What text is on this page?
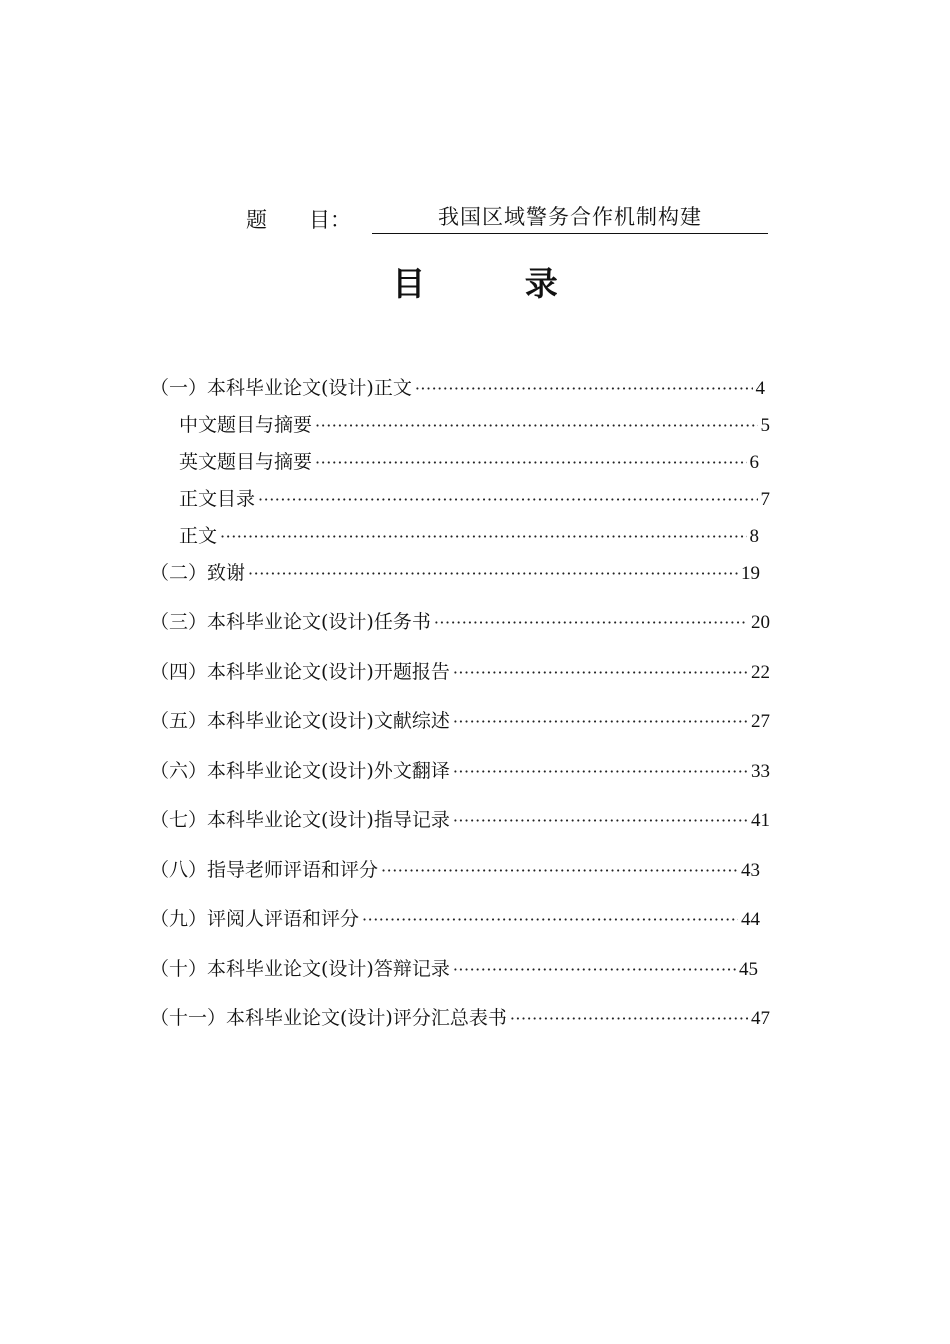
题　　目：	我国区域警务合作机制构建
目 录
（一）本科毕业论文(设计)正文 ·····	4
中文题目与摘要 ·····	5
英文题目与摘要 ·····	6
正文目录 ·····	7
正文 ·····	8
（二）致谢 ·····	19
（三）本科毕业论文(设计)任务书 ·····	20
（四）本科毕业论文(设计)开题报告 ·····	22
（五）本科毕业论文(设计)文献综述 ·····	27
（六）本科毕业论文(设计)外文翻译 ·····	33
（七）本科毕业论文(设计)指导记录 ·····	41
（八）指导老师评语和评分 ·····	43
（九）评阅人评语和评分 ·····	44
（十）本科毕业论文(设计)答辩记录 ·····	45
（十一）本科毕业论文(设计)评分汇总表书 ·····	47
